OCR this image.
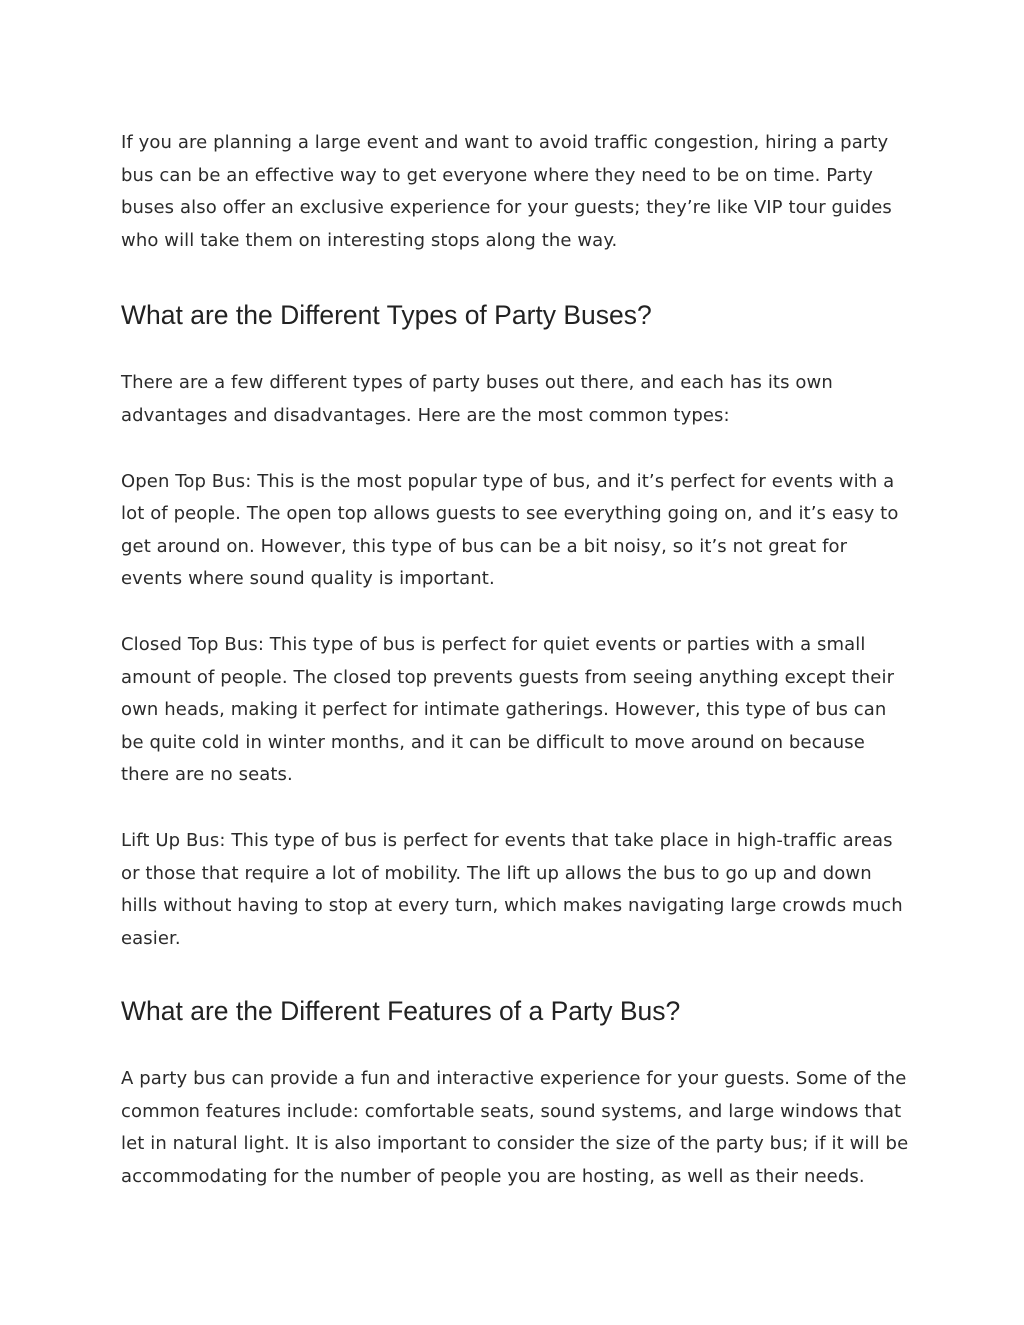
If you are planning a large event and want to avoid traffic congestion, hiring a party bus can be an effective way to get everyone where they need to be on time. Party buses also offer an exclusive experience for your guests; they’re like VIP tour guides who will take them on interesting stops along the way.

What are the Different Types of Party Buses?

There are a few different types of party buses out there, and each has its own advantages and disadvantages. Here are the most common types:

Open Top Bus: This is the most popular type of bus, and it’s perfect for events with a lot of people. The open top allows guests to see everything going on, and it’s easy to get around on. However, this type of bus can be a bit noisy, so it’s not great for events where sound quality is important.

Closed Top Bus: This type of bus is perfect for quiet events or parties with a small amount of people. The closed top prevents guests from seeing anything except their own heads, making it perfect for intimate gatherings. However, this type of bus can be quite cold in winter months, and it can be difficult to move around on because there are no seats.

Lift Up Bus: This type of bus is perfect for events that take place in high-traffic areas or those that require a lot of mobility. The lift up allows the bus to go up and down hills without having to stop at every turn, which makes navigating large crowds much easier.

What are the Different Features of a Party Bus?

A party bus can provide a fun and interactive experience for your guests. Some of the common features include: comfortable seats, sound systems, and large windows that let in natural light. It is also important to consider the size of the party bus; if it will be accommodating for the number of people you are hosting, as well as their needs.
